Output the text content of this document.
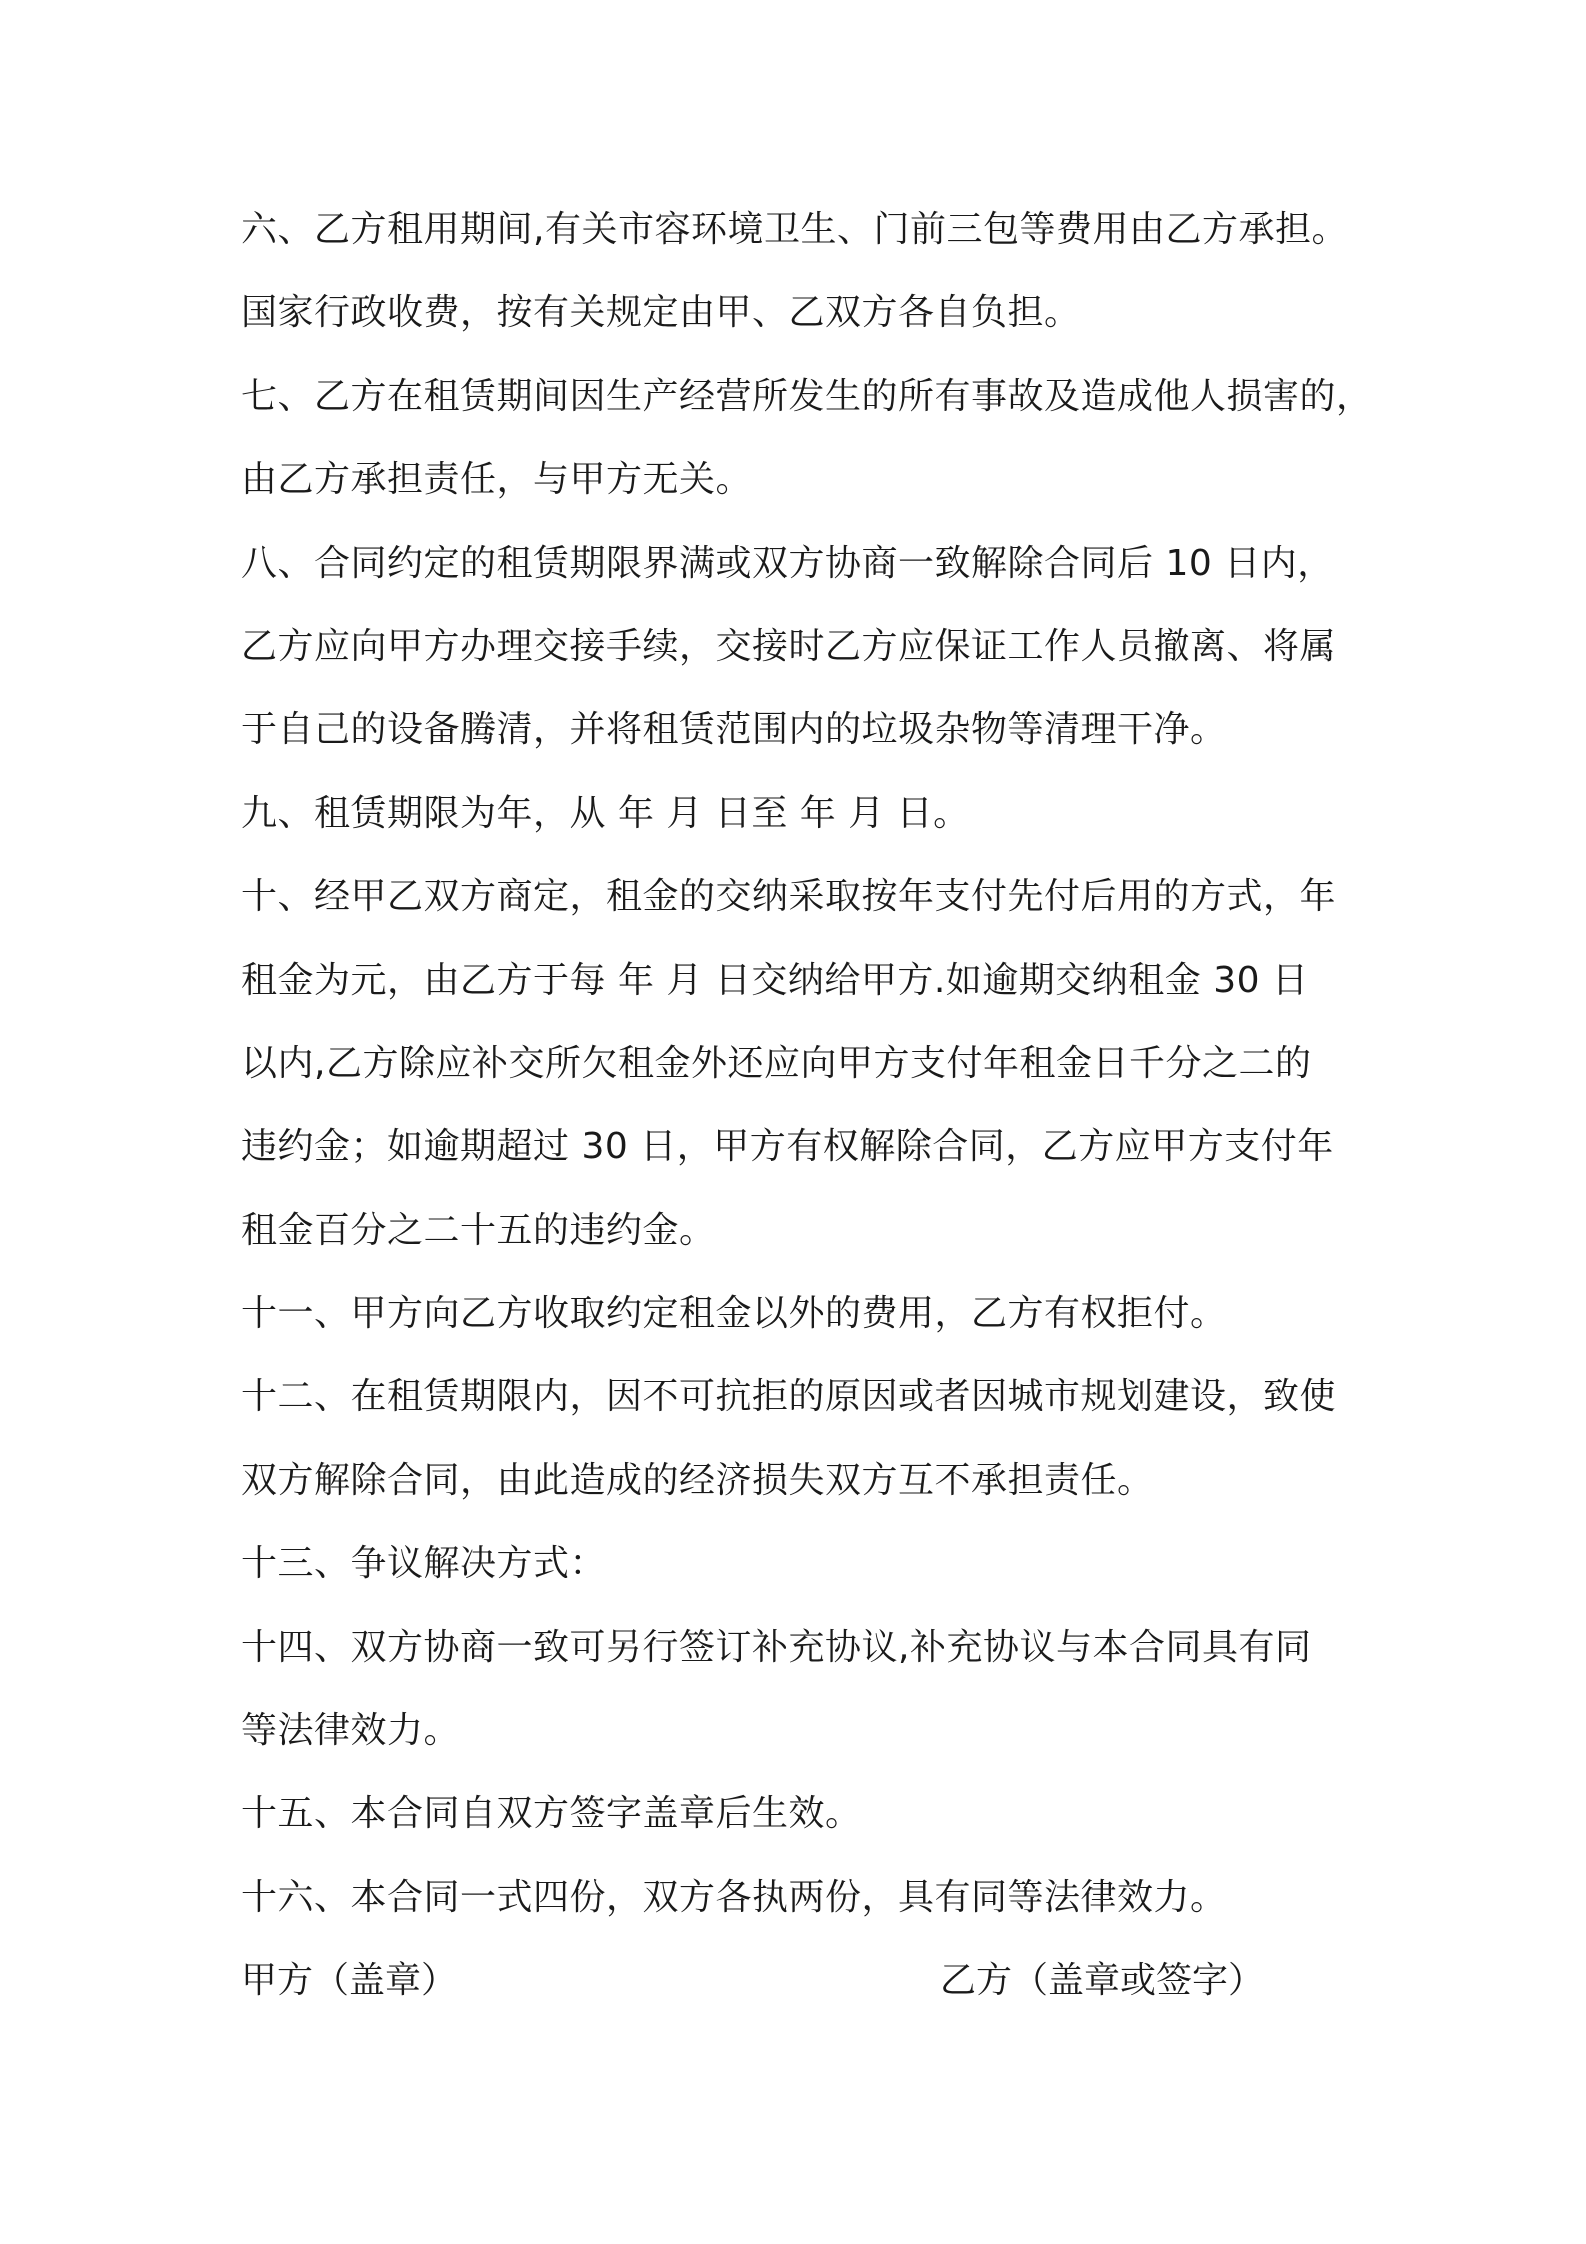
六、乙方租用期间,有关市容环境卫生、门前三包等费用由乙方承担。
国家行政收费，按有关规定由甲、乙双方各自负担。
七、乙方在租赁期间因生产经营所发生的所有事故及造成他人损害的，
由乙方承担责任，与甲方无关。
八、合同约定的租赁期限界满或双方协商一致解除合同后 10 日内，
乙方应向甲方办理交接手续，交接时乙方应保证工作人员撤离、将属
于自己的设备腾清，并将租赁范围内的垃圾杂物等清理干净。
九、租赁期限为年，从 年 月 日至 年 月 日。
十、经甲乙双方商定，租金的交纳采取按年支付先付后用的方式，年
租金为元，由乙方于每 年 月 日交纳给甲方.如逾期交纳租金 30 日
以内,乙方除应补交所欠租金外还应向甲方支付年租金日千分之二的
违约金；如逾期超过 30 日，甲方有权解除合同，乙方应甲方支付年
租金百分之二十五的违约金。
十一、甲方向乙方收取约定租金以外的费用，乙方有权拒付。
十二、在租赁期限内，因不可抗拒的原因或者因城市规划建设，致使
双方解除合同，由此造成的经济损失双方互不承担责任。
十三、争议解决方式：
十四、双方协商一致可另行签订补充协议,补充协议与本合同具有同
等法律效力。
十五、本合同自双方签字盖章后生效。
十六、本合同一式四份，双方各执两份，具有同等法律效力。
甲方（盖章）	乙方（盖章或签字）
